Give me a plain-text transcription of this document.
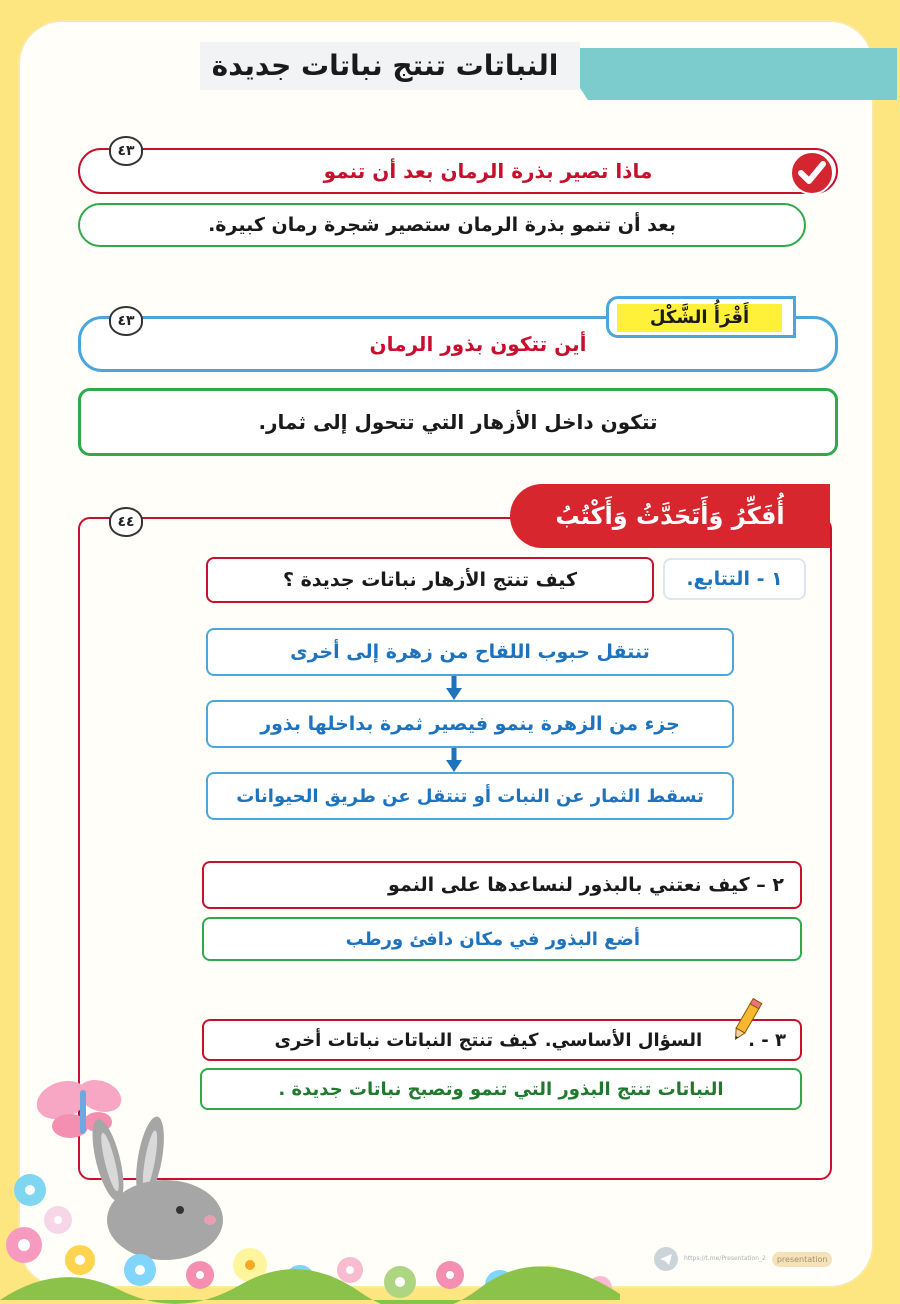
النباتات تنتج نباتات جديدة
ماذا تصير بذرة الرمان بعد أن تنمو
٤٣
بعد أن تنمو بذرة الرمان ستصير شجرة رمان كبيرة.
أين تتكون بذور الرمان
أَقْرَأُ الشَّكْلَ
٤٣
تتكون داخل الأزهار التي تتحول إلى ثمار.
٤٤	أُفَكِّرُ وَأَتَحَدَّثُ وَأَكْتُبُ
١ - التتابع.
كيف تنتج الأزهار نباتات جديدة ؟
تنتقل حبوب اللقاح من زهرة إلى أخرى
جزء من الزهرة ينمو فيصير ثمرة بداخلها بذور
تسقط الثمار عن النبات أو تنتقل عن طريق الحيوانات
٢ – كيف نعتني بالبذور لنساعدها على النمو
أضع البذور في مكان دافئ ورطب
٣ - .
السؤال الأساسي. كيف تنتج النباتات نباتات أخرى
النباتات تنتج البذور التي تنمو وتصبح نباتات جديدة .
https://t.me/Presentation_2	presentation
